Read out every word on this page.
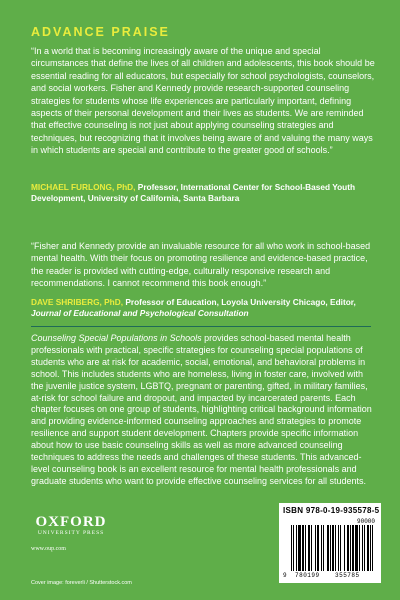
ADVANCE PRAISE
“In a world that is becoming increasingly aware of the unique and special circumstances that define the lives of all children and adolescents, this book should be essential reading for all educators, but especially for school psychologists, counselors, and social workers. Fisher and Kennedy provide research-supported counseling strategies for students whose life experiences are particularly important, defining aspects of their personal development and their lives as students. We are reminded that effective counseling is not just about applying counseling strategies and techniques, but recognizing that it involves being aware of and valuing the many ways in which students are special and contribute to the greater good of schools.”
MICHAEL FURLONG, PhD, Professor, International Center for School-Based Youth Development, University of California, Santa Barbara
“Fisher and Kennedy provide an invaluable resource for all who work in school-based mental health. With their focus on promoting resilience and evidence-based practice, the reader is provided with cutting-edge, culturally responsive research and recommendations. I cannot recommend this book enough.”
DAVE SHRIBERG, PhD, Professor of Education, Loyola University Chicago, Editor,
Journal of Educational and Psychological Consultation
Counseling Special Populations in Schools provides school-based mental health professionals with practical, specific strategies for counseling special populations of students who are at risk for academic, social, emotional, and behavioral problems in school. This includes students who are homeless, living in foster care, involved with the juvenile justice system, LGBTQ, pregnant or parenting, gifted, in military families, at-risk for school failure and dropout, and impacted by incarcerated parents. Each chapter focuses on one group of students, highlighting critical background information and providing evidence-informed counseling approaches and strategies to promote resilience and support student development. Chapters provide specific information about how to use basic counseling skills as well as more advanced counseling techniques to address the needs and challenges of these students. This advanced-level counseling book is an excellent resource for mental health professionals and graduate students who want to provide effective counseling services for all students.
OXFORD
UNIVERSITY PRESS
www.oup.com
Cover image: foreverli / Shutterstock.com
ISBN 978-0-19-935578-5
90000
9 780199	355785
